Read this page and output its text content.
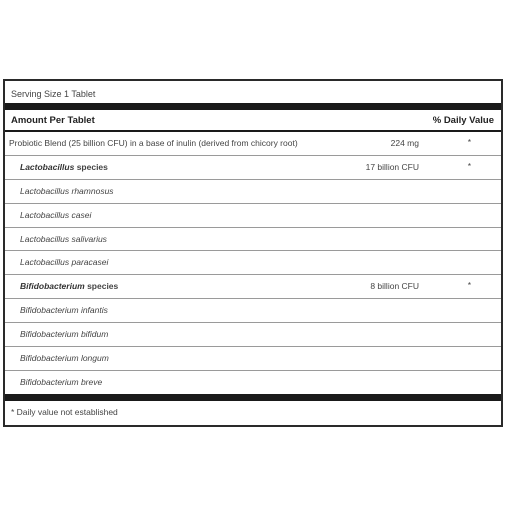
Serving Size 1 Tablet
Amount Per Tablet	% Daily Value
Probiotic Blend (25 billion CFU) in a base of inulin (derived from chicory root)	224 mg	*
Lactobacillus species	17 billion CFU	*
Lactobacillus rhamnosus
Lactobacillus casei
Lactobacillus salivarius
Lactobacillus paracasei
Bifidobacterium species	8 billion CFU	*
Bifidobacterium infantis
Bifidobacterium bifidum
Bifidobacterium longum
Bifidobacterium breve
* Daily value not established
